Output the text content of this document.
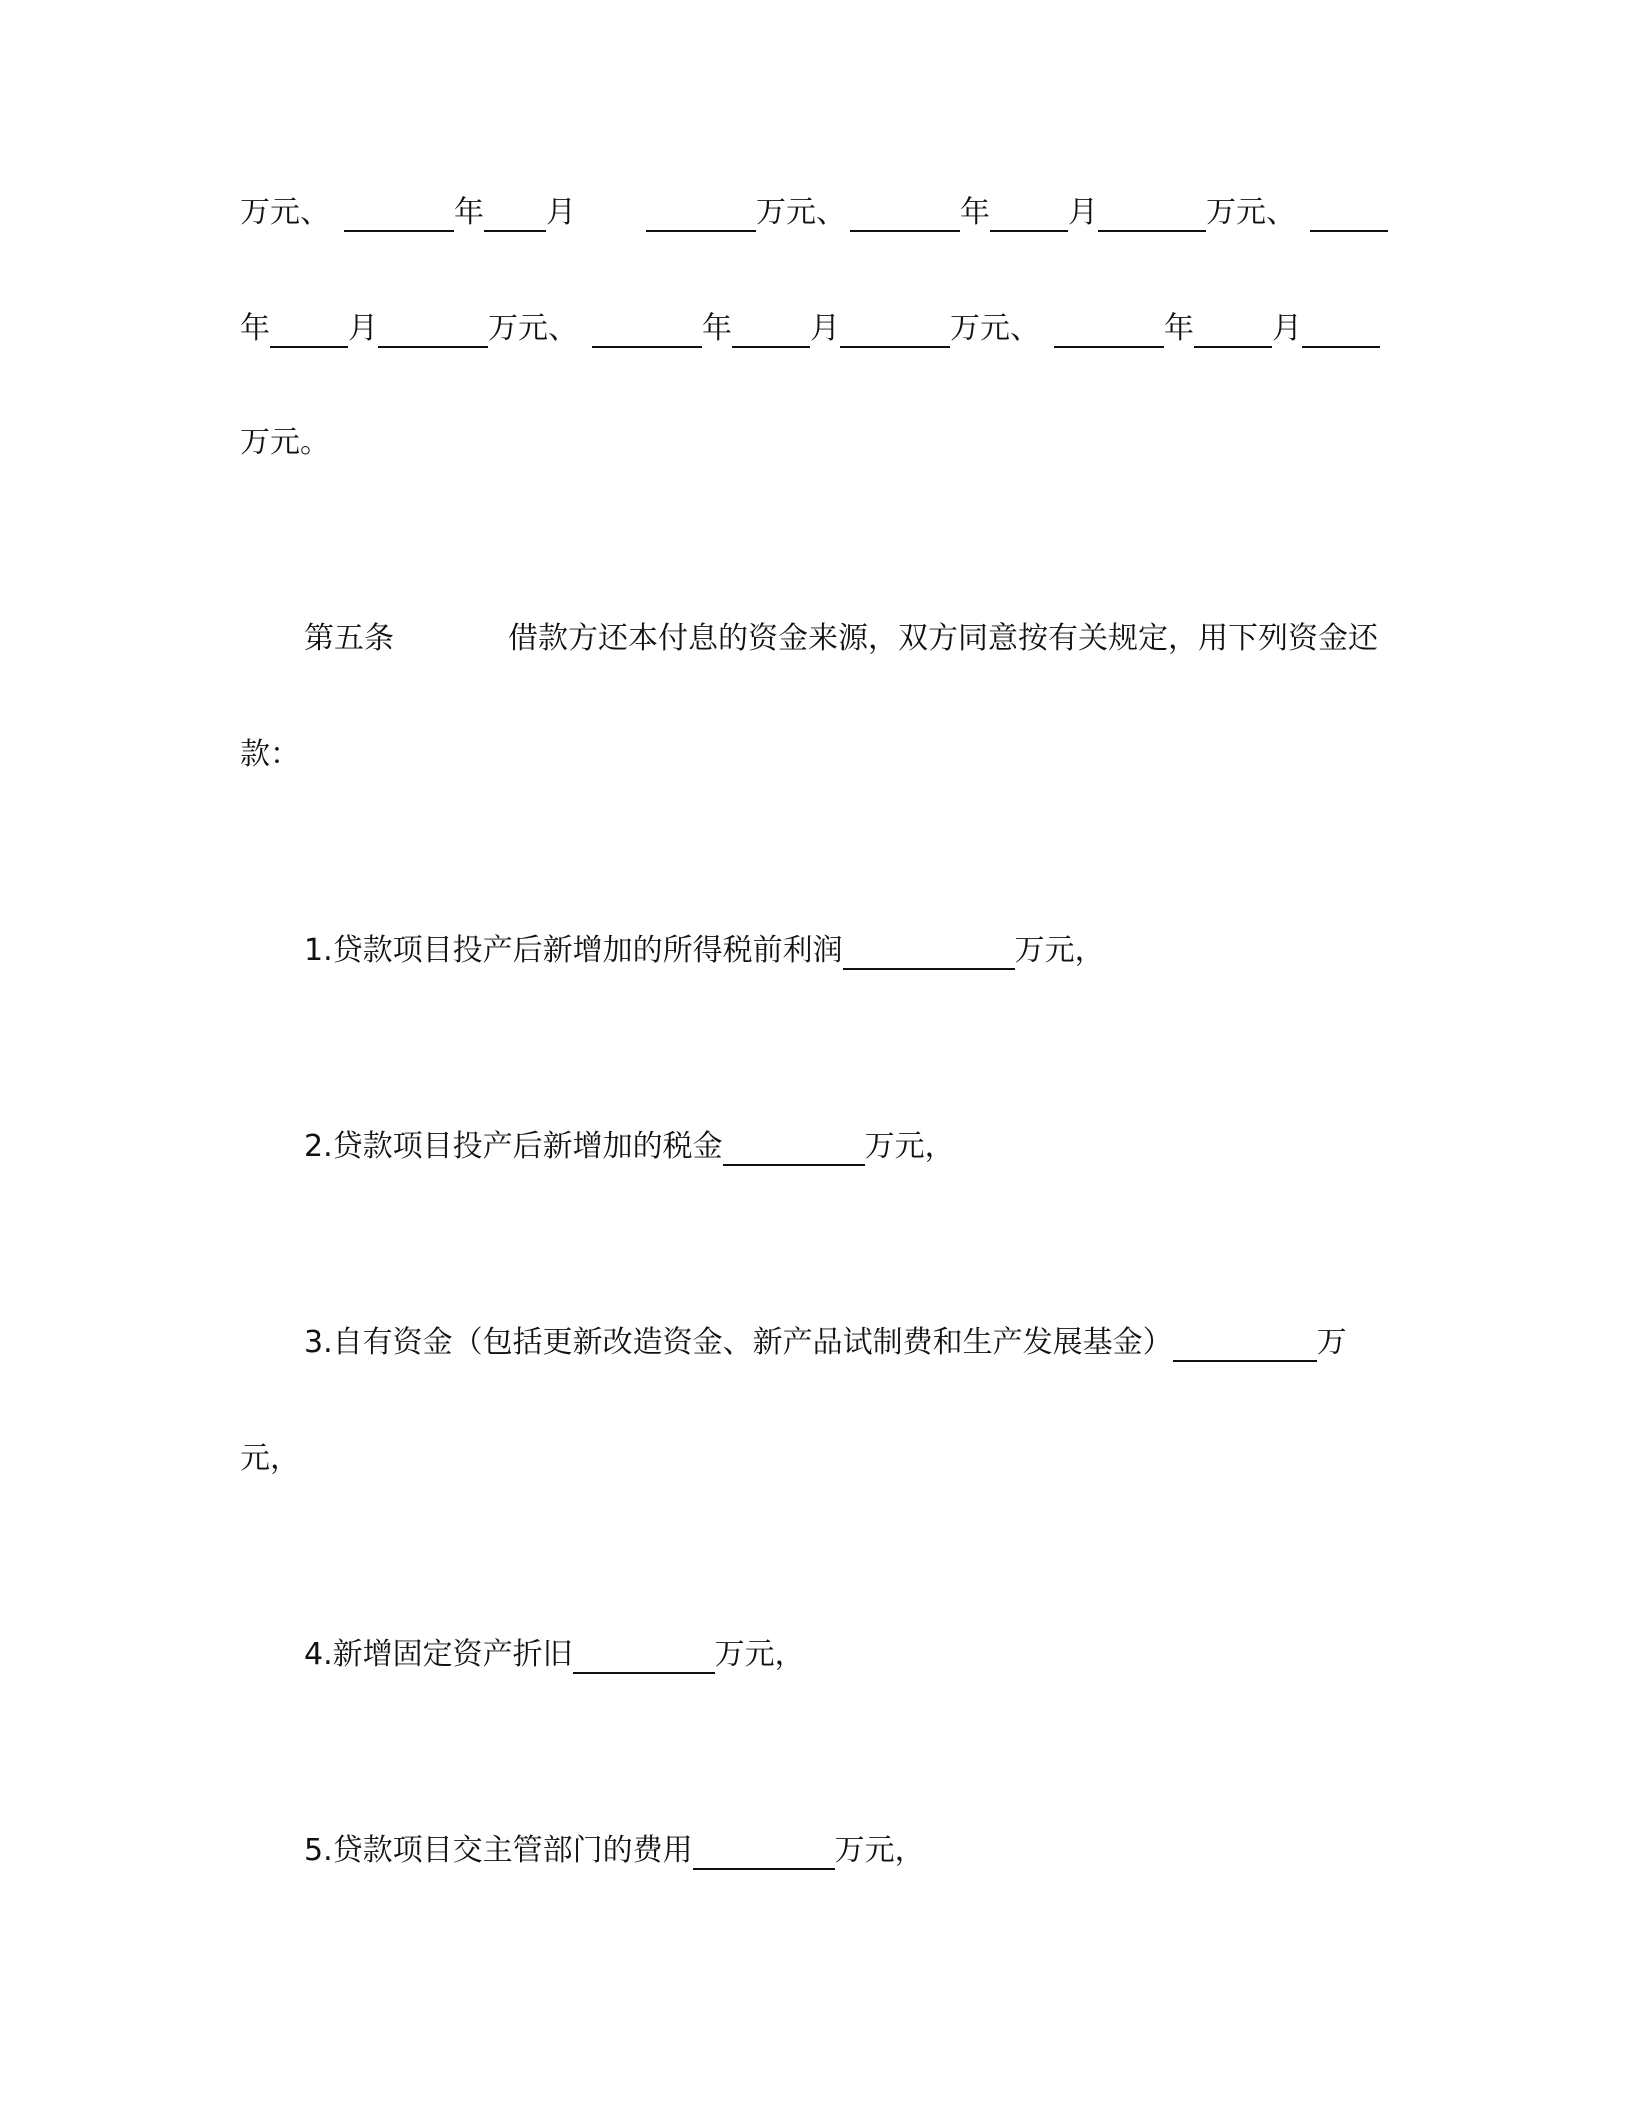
万元、	年 月	万元、	年	月	万元、
年	月	万元、	年	月	万元、	年	月
万元。
第五条	借款方还本付息的资金来源，双方同意按有关规定，用下列资金还
款：
1.贷款项目投产后新增加的所得税前利润	万元，
2.贷款项目投产后新增加的税金	万元，
3.自有资金（包括更新改造资金、新产品试制费和生产发展基金）	万
元，
4.新增固定资产折旧	万元，
5.贷款项目交主管部门的费用	万元，
